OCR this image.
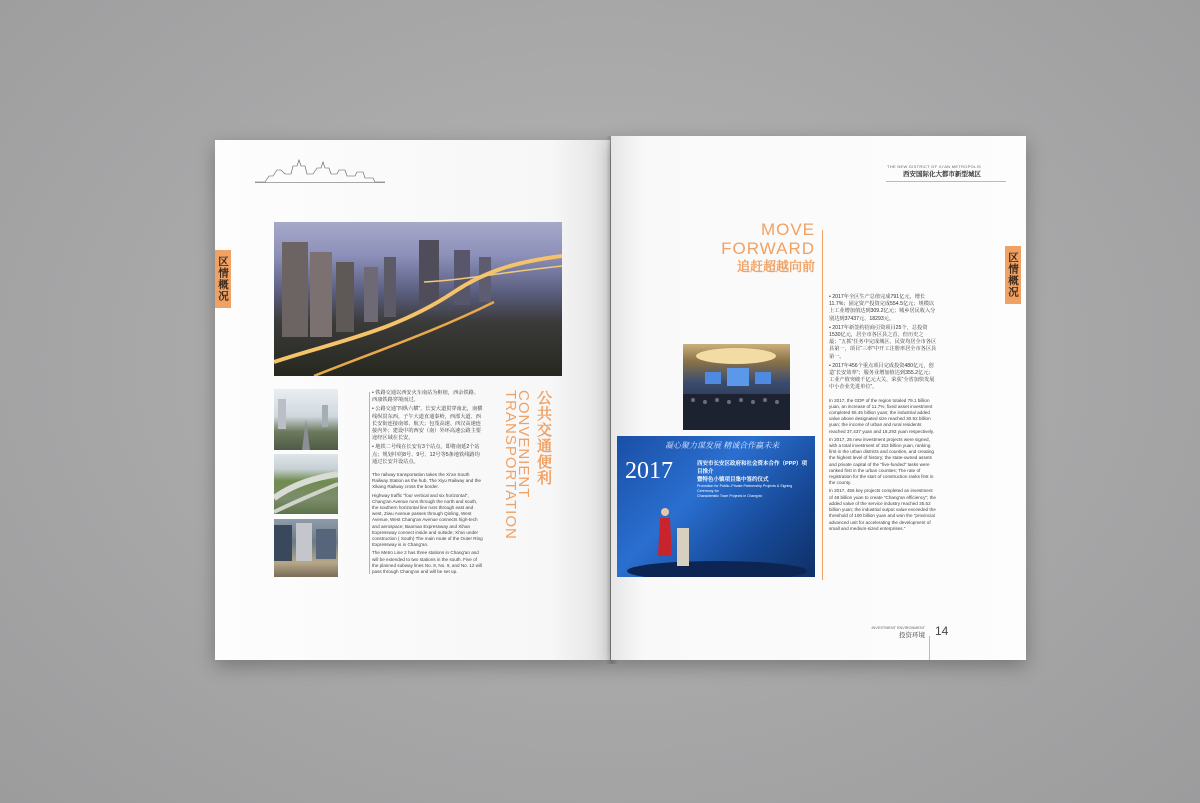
区情概况

• 铁路交通以西安火车南站为枢纽，西余铁路、西康铁路穿境而过。

• 公路交通“四纵六横”，长安大道贯穿南北，南横线纵贯东西，子午大道直通秦岭，西部大道、西长安街连接南郊、航天；包茂高速、西汉高速连接内外；建设中的西安（南）外环高速公路主要途经区域在长安。

• 地铁二号线在长安有3个站点，即将南延2个站点；规划中的8号、9号、12号等5条地铁线路均通过长安并设站点。

The railway transportation takes the Xi'an South Railway Station as the hub. The Xiyu Railway and the Xikang Railway cross the border.

Highway traffic "four vertical and six horizontal", Chang'an Avenue runs through the north and south, the southern horizontal line runs through east and west, Ziwu Avenue passes through Qinling, West Avenue, West Chang'an Avenue connects high-tech and aerospace; Baomao Expressway and Xihan Expressway connect inside and outside; Xi'an under construction ( South) The main route of the Outer Ring Expressway is in Chang'an.

The Metro Line 2 has three stations in Chang'an and will be extended to two stations in the south. Five of the planned subway lines No. 8, No. 9, and No. 12 will pass through Chang'an and will be set up.

公共交通便利
CONVENIENT
TRANSPORTATION
THE NEW DISTRICT OF XI'AN METROPOLIS
西安国际化大都市新型城区
区情概况
MOVE
FORWARD
追赶超越向前

• 2017年全区生产总值完成791亿元，增长11.7%；固定资产投资完成554.5亿元；规模以上工业增加值达到309.2亿元；城乡居民收入分别达到37437元、18293元。

• 2017年新签约招商引资项目25个，总投资1530亿元，居全市各区县之首，但历史之最；“五抓”任务中完成城区、民资均居全市各区县第一，项目“三率”中开工注册率居全市各区县第一。

• 2017年456个重点项目完成投资480亿元，创造“长安效率”；服务业增加值达到355.2亿元；工业产值突破千亿元大关，荣获“全省加快发展中小企业先进单位”。

In 2017, the GDP of the region totaled 79.1 billion yuan, an increase of 11.7%; fixed asset investment completed 55.45 billion yuan; the industrial added value above designated size reached 30.92 billion yuan; the income of urban and rural residents reached 37,437 yuan and 18,293 yuan respectively.

In 2017, 25 new investment projects were signed, with a total investment of 153 billion yuan, ranking first in the urban districts and counties, and creating the highest level of history; the state-owned assets and private capital of the "five-funded" tasks were ranked first in the urban counties; The rate of registration for the start of construction ranks first in the county.

In 2017, 456 key projects completed an investment of 48 billion yuan to create "Chang'an efficiency"; the added value of the service industry reached 35.52 billion yuan; the industrial output value exceeded the threshold of 100 billion yuan and won the "provincial advanced unit for accelerating the development of small and medium-sized enterprises."

凝心聚力谋发展 精诚合作赢未来
2017	西安市长安区政府和社会资本合作（PPP）项目推介
暨特色小镇项目集中签约仪式
Promotion for Public–Private Partnership Projects & Signing Ceremony for
Characteristic Town Projects in Chang'an
INVESTMENT ENVIRONMENT
投资环境 14
